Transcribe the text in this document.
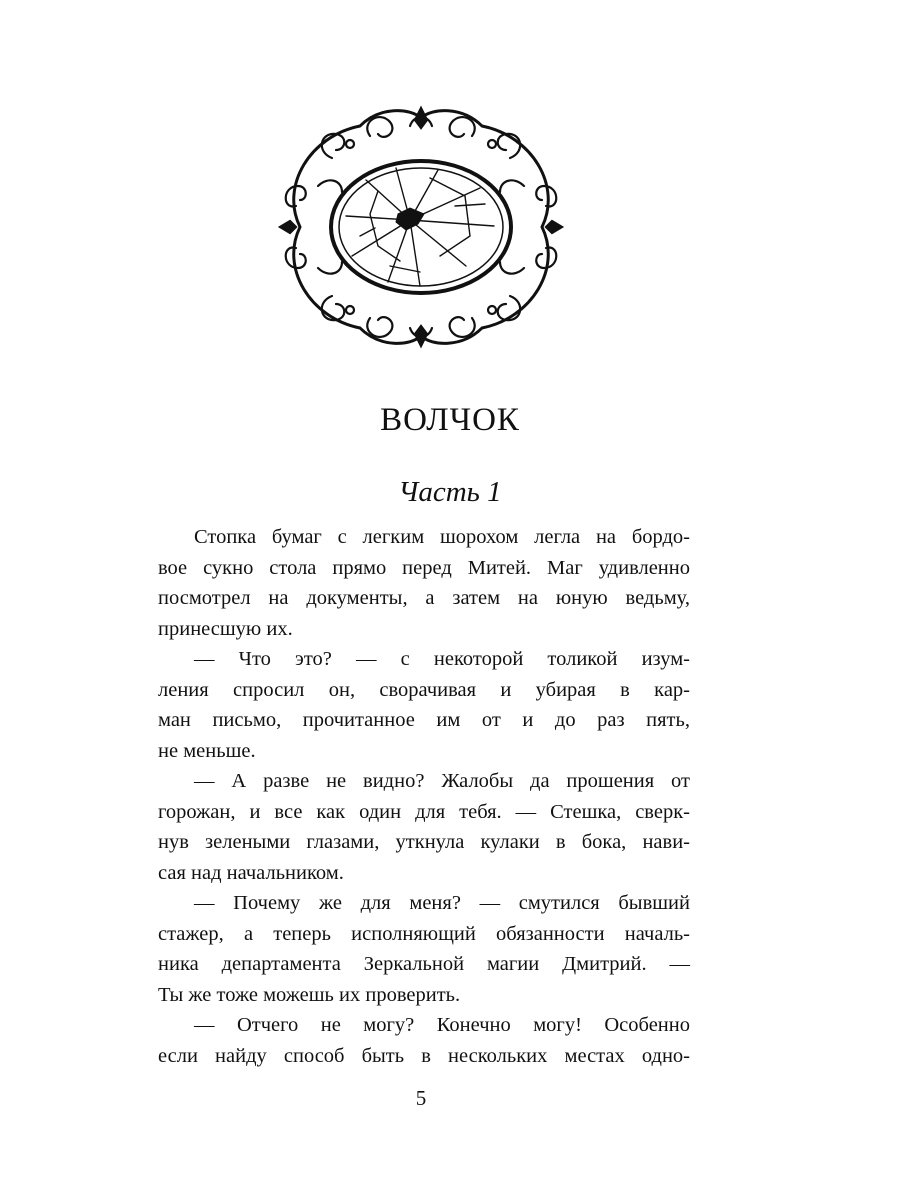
ВОЛЧОК
Часть 1
Стопка бумаг с легким шорохом легла на бордо-
вое сукно стола прямо перед Митей. Маг удивленно
посмотрел на документы, а затем на юную ведьму,
принесшую их.
— Что это? — с некоторой толикой изум-
ления спросил он, сворачивая и убирая в кар-
ман письмо, прочитанное им от и до раз пять,
не меньше.
— А разве не видно? Жалобы да прошения от
горожан, и все как один для тебя. — Стешка, сверк-
нув зелеными глазами, уткнула кулаки в бока, нави-
сая над начальником.
— Почему же для меня? — смутился бывший
стажер, а теперь исполняющий обязанности началь-
ника департамента Зеркальной магии Дмитрий. —
Ты же тоже можешь их проверить.
— Отчего не могу? Конечно могу! Особенно
если найду способ быть в нескольких местах одно-
5
